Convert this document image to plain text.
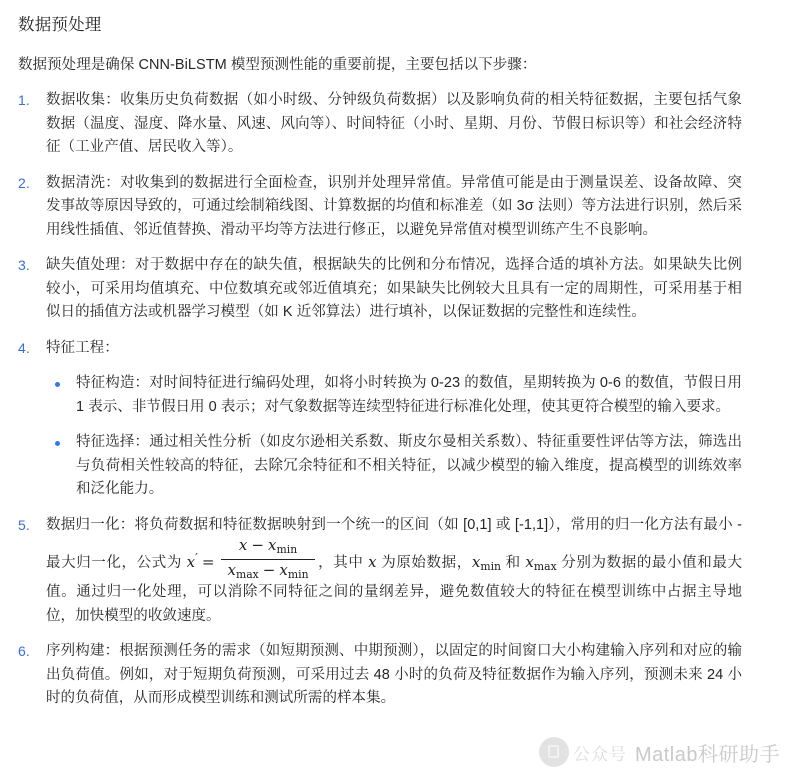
数据预处理

数据预处理是确保 CNN-BiLSTM 模型预测性能的重要前提，主要包括以下步骤：

数据收集：收集历史负荷数据（如小时级、分钟级负荷数据）以及影响负荷的相关特征数据，主要包括气象数据（温度、湿度、降水量、风速、风向等）、时间特征（小时、星期、月份、节假日标识等）和社会经济特征（工业产值、居民收入等）。
数据清洗：对收集到的数据进行全面检查，识别并处理异常值。异常值可能是由于测量误差、设备故障、突发事故等原因导致的，可通过绘制箱线图、计算数据的均值和标准差（如 3σ 法则）等方法进行识别，然后采用线性插值、邻近值替换、滑动平均等方法进行修正，以避免异常值对模型训练产生不良影响。
缺失值处理：对于数据中存在的缺失值，根据缺失的比例和分布情况，选择合适的填补方法。如果缺失比例较小，可采用均值填充、中位数填充或邻近值填充；如果缺失比例较大且具有一定的周期性，可采用基于相似日的插值方法或机器学习模型（如 K 近邻算法）进行填补，以保证数据的完整性和连续性。
特征工程：
特征构造：对时间特征进行编码处理，如将小时转换为 0-23 的数值，星期转换为 0-6 的数值，节假日用 1 表示、非节假日用 0 表示；对气象数据等连续型特征进行标准化处理，使其更符合模型的输入要求。
特征选择：通过相关性分析（如皮尔逊相关系数、斯皮尔曼相关系数）、特征重要性评估等方法，筛选出与负荷相关性较高的特征，去除冗余特征和不相关特征，以减少模型的输入维度，提高模型的训练效率和泛化能力。
数据归一化：将负荷数据和特征数据映射到一个统一的区间（如 [0,1] 或 [-1,1]），常用的归一化方法有最小 - 最大归一化，公式为 $x' = \frac{x - x_{min}}{x_{max} - x_{min}}$ ，其中 x 为原始数据，$x_{min}$ 和 $x_{max}$ 分别为数据的最小值和最大值。通过归一化处理，可以消除不同特征之间的量纲差异，避免数值较大的特征在模型训练中占据主导地位，加快模型的收敛速度。
序列构建：根据预测任务的需求（如短期预测、中期预测），以固定的时间窗口大小构建输入序列和对应的输出负荷值。例如，对于短期负荷预测，可采用过去 48 小时的负荷及特征数据作为输入序列，预测未来 24 小时的负荷值，从而形成模型训练和测试所需的样本集。
公众号 Matlab科研助手
